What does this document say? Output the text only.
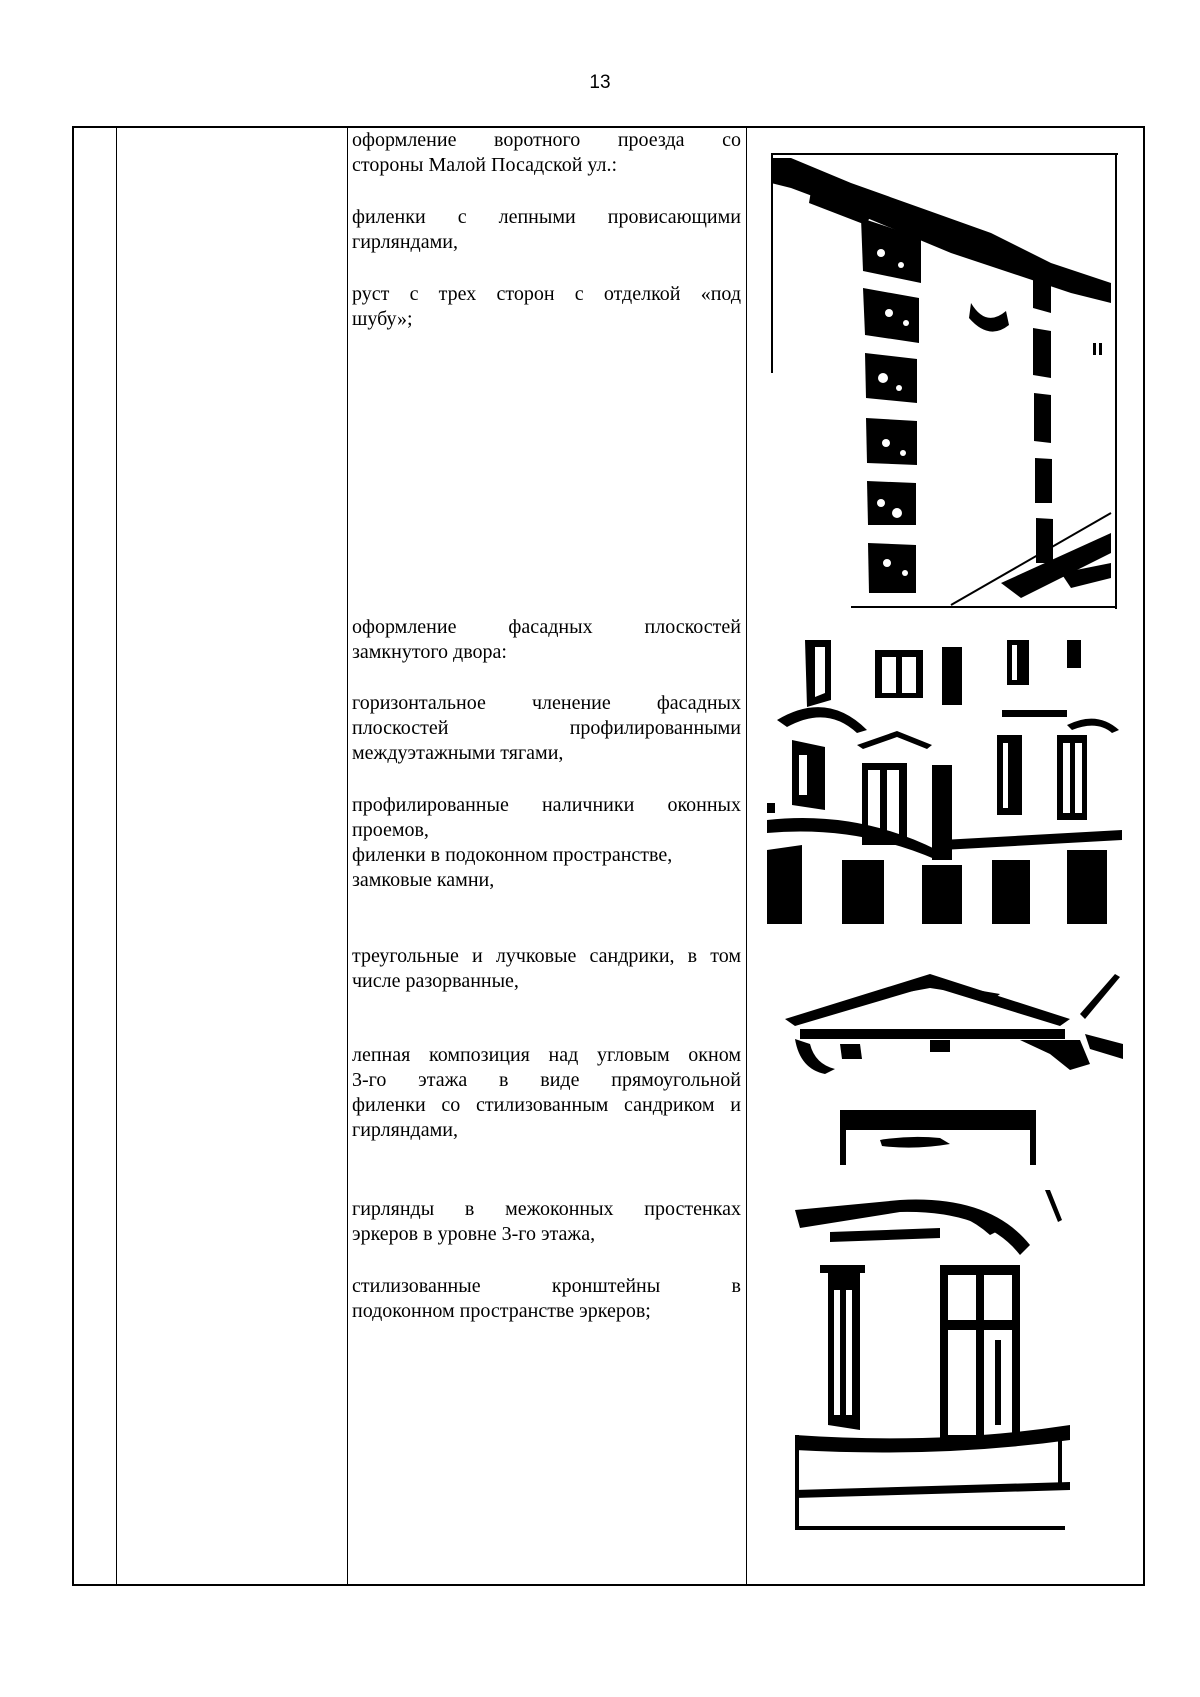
13
оформление воротного проезда со
стороны Малой Посадской ул.:
филенки с лепными провисающими
гирляндами,
руст с трех сторон с отделкой «под
шубу»;
оформление фасадных плоскостей
замкнутого двора:
горизонтальное членение фасадных
плоскостей профилированными
междуэтажными тягами,
профилированные наличники оконных
проемов,
филенки в подоконном пространстве,
замковые камни,
треугольные и лучковые сандрики, в том
числе разорванные,
лепная композиция над угловым окном
3-го этажа в виде прямоугольной
филенки со стилизованным сандриком и
гирляндами,
гирлянды в межоконных простенках
эркеров в уровне 3-го этажа,
стилизованные кронштейны в
подоконном пространстве эркеров;
